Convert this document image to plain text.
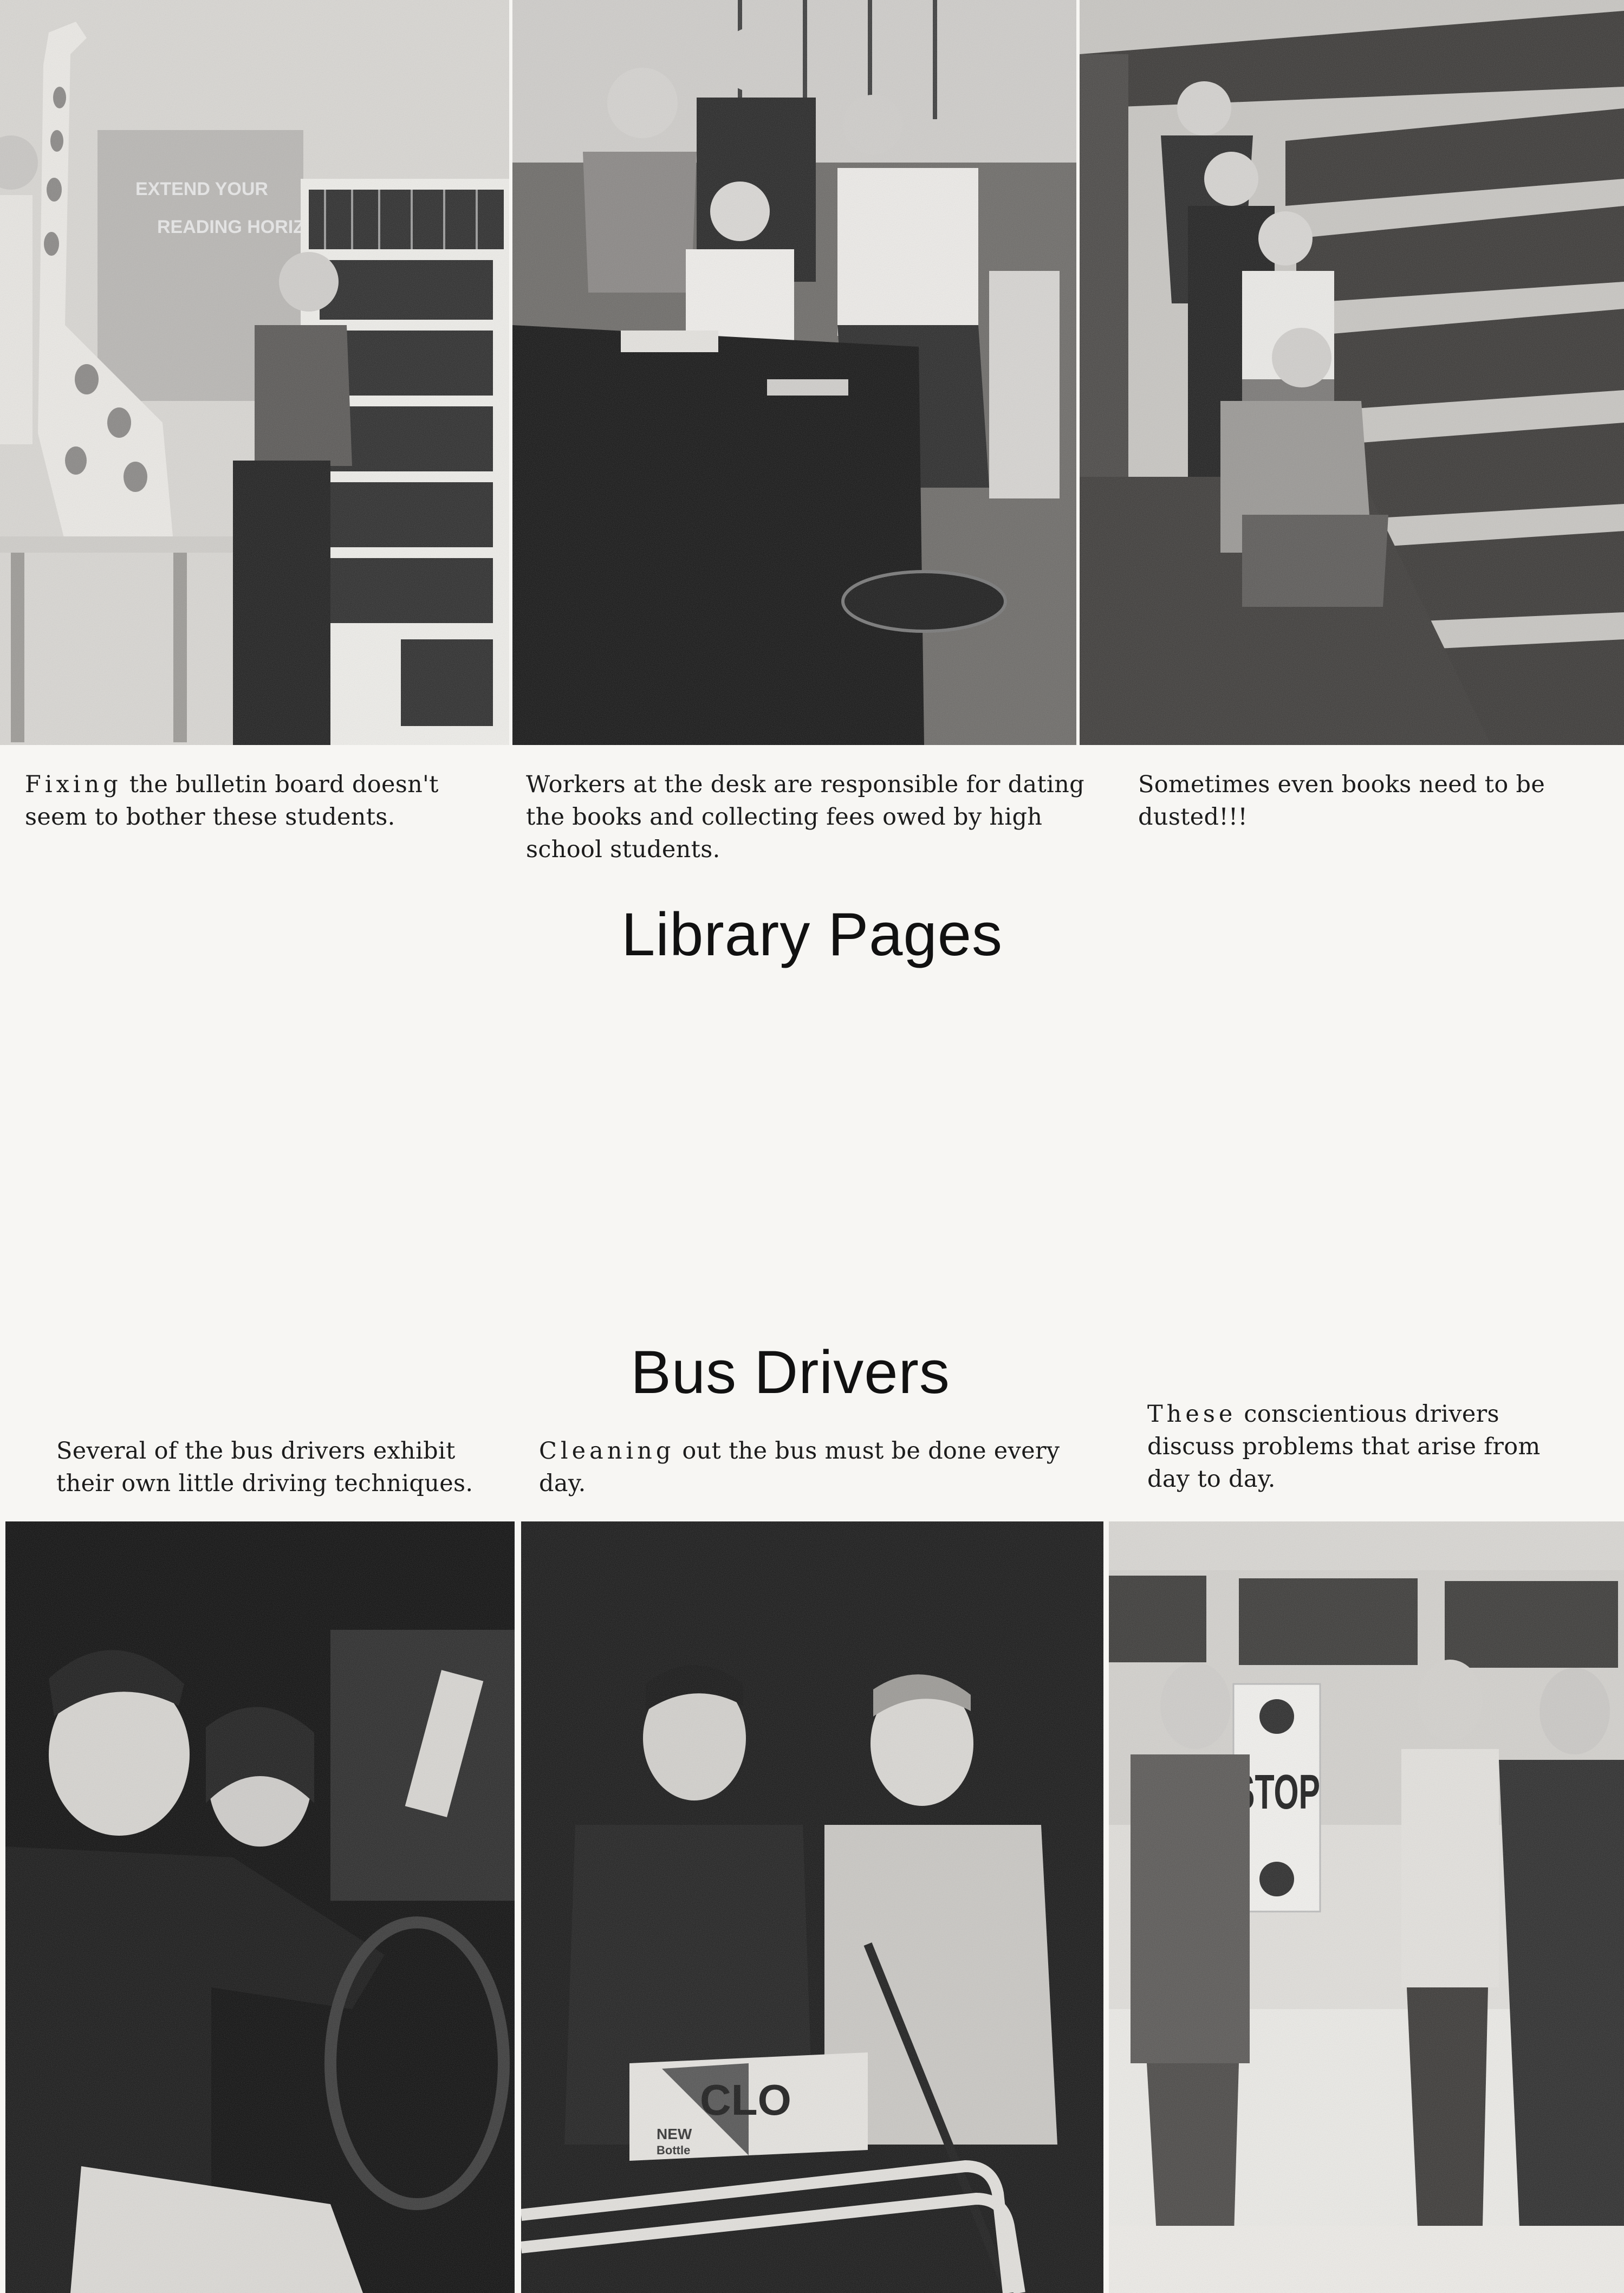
Fixing the bulletin board doesn't seem to bother these students.

Workers at the desk are responsible for dating the books and collecting fees owed by high school students.

Sometimes even books need to be dusted!!!

Library Pages
Bus Drivers

Several of the bus drivers exhibit their own little driving techniques.

Cleaning out the bus must be done every day.

These conscientious drivers discuss problems that arise from day to day.
